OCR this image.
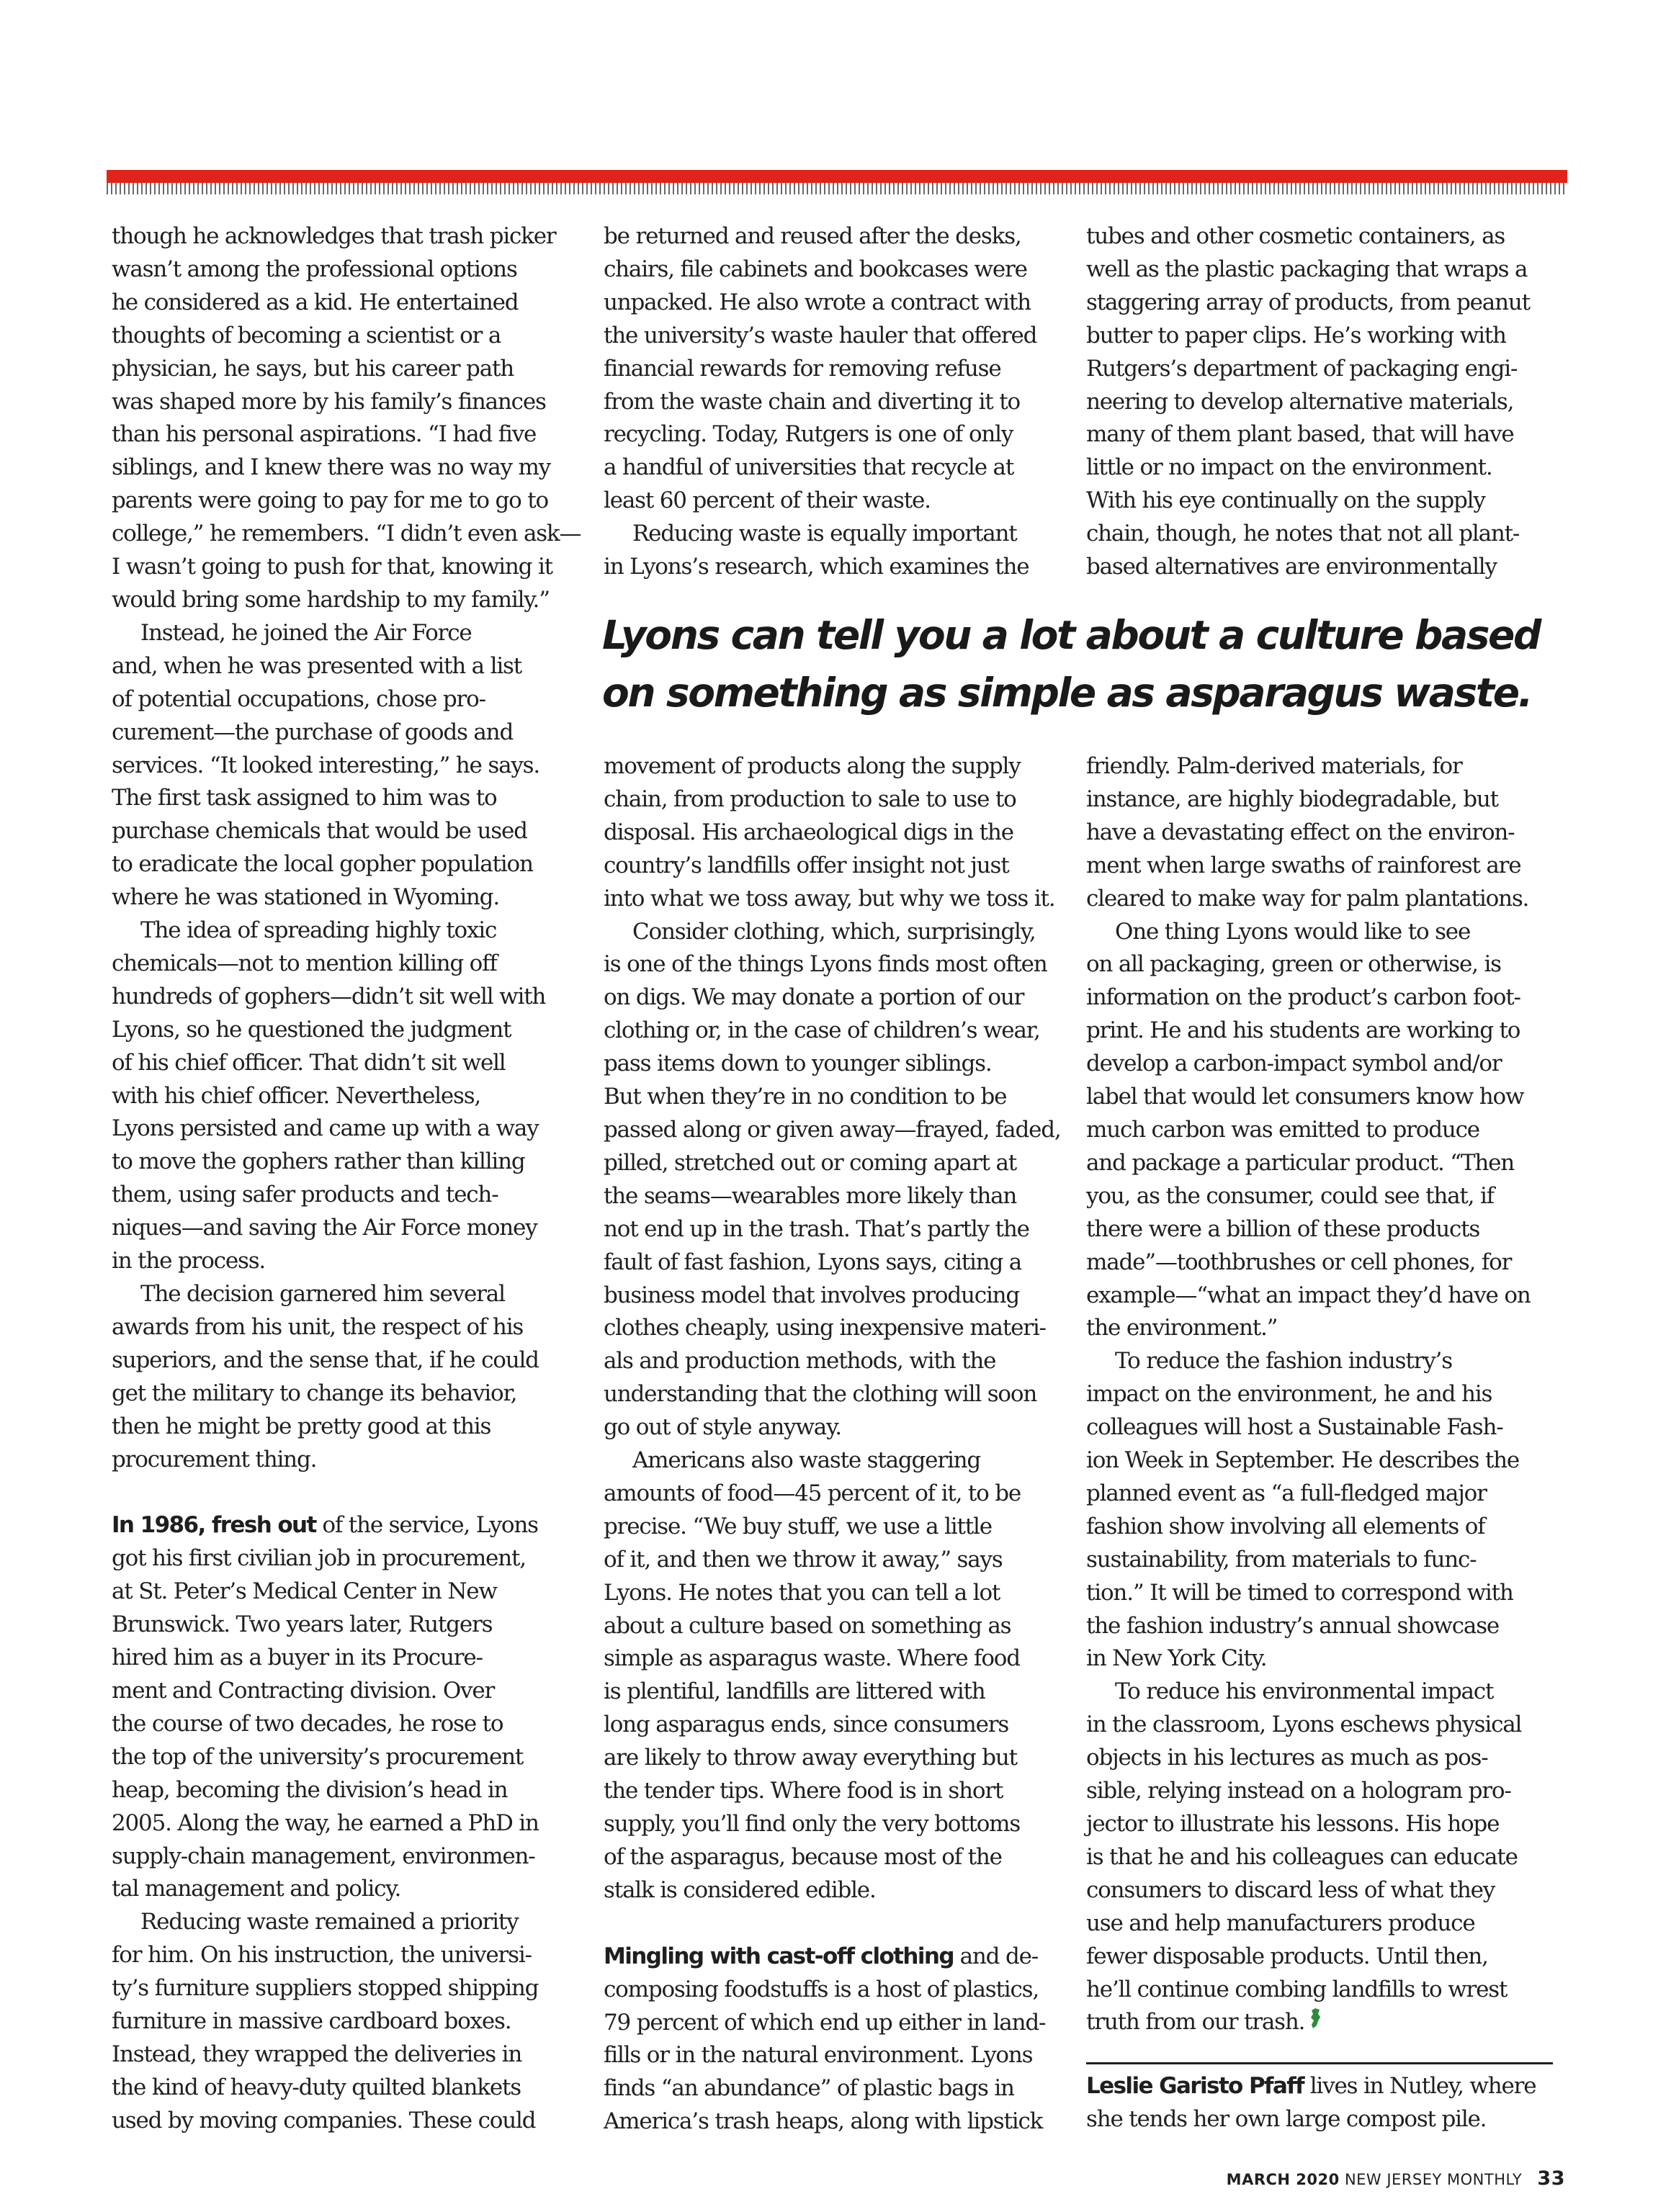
though he acknowledges that trash picker

wasn’t among the professional options

he considered as a kid. He entertained

thoughts of becoming a scientist or a

physician, he says, but his career path

was shaped more by his family’s finances

than his personal aspirations. “I had five

siblings, and I knew there was no way my

parents were going to pay for me to go to

college,” he remembers. “I didn’t even ask—

I wasn’t going to push for that, knowing it

would bring some hardship to my family.”

Instead, he joined the Air Force

and, when he was presented with a list

of potential occupations, chose pro-

curement—the purchase of goods and

services. “It looked interesting,” he says.

The first task assigned to him was to

purchase chemicals that would be used

to eradicate the local gopher population

where he was stationed in Wyoming.

The idea of spreading highly toxic

chemicals—not to mention killing off

hundreds of gophers—didn’t sit well with

Lyons, so he questioned the judgment

of his chief officer. That didn’t sit well

with his chief officer. Nevertheless,

Lyons persisted and came up with a way

to move the gophers rather than killing

them, using safer products and tech-

niques—and saving the Air Force money

in the process.

The decision garnered him several

awards from his unit, the respect of his

superiors, and the sense that, if he could

get the military to change its behavior,

then he might be pretty good at this

procurement thing.

In 1986, fresh out of the service, Lyons

got his first civilian job in procurement,

at St. Peter’s Medical Center in New

Brunswick. Two years later, Rutgers

hired him as a buyer in its Procure-

ment and Contracting division. Over

the course of two decades, he rose to

the top of the university’s procurement

heap, becoming the division’s head in

2005. Along the way, he earned a PhD in

supply-chain management, environmen-

tal management and policy.

Reducing waste remained a priority

for him. On his instruction, the universi-

ty’s furniture suppliers stopped shipping

furniture in massive cardboard boxes.

Instead, they wrapped the deliveries in

the kind of heavy-duty quilted blankets

used by moving companies. These could

be returned and reused after the desks,

chairs, file cabinets and bookcases were

unpacked. He also wrote a contract with

the university’s waste hauler that offered

financial rewards for removing refuse

from the waste chain and diverting it to

recycling. Today, Rutgers is one of only

a handful of universities that recycle at

least 60 percent of their waste.

Reducing waste is equally important

in Lyons’s research, which examines the

tubes and other cosmetic containers, as

well as the plastic packaging that wraps a

staggering array of products, from peanut

butter to paper clips. He’s working with

Rutgers’s department of packaging engi-

neering to develop alternative materials,

many of them plant based, that will have

little or no impact on the environment.

With his eye continually on the supply

chain, though, he notes that not all plant-

based alternatives are environmentally

Lyons can tell you a lot about a culture based

on something as simple as asparagus waste.

movement of products along the supply

chain, from production to sale to use to

disposal. His archaeological digs in the

country’s landfills offer insight not just

into what we toss away, but why we toss it.

Consider clothing, which, surprisingly,

is one of the things Lyons finds most often

on digs. We may donate a portion of our

clothing or, in the case of children’s wear,

pass items down to younger siblings.

But when they’re in no condition to be

passed along or given away—frayed, faded,

pilled, stretched out or coming apart at

the seams—wearables more likely than

not end up in the trash. That’s partly the

fault of fast fashion, Lyons says, citing a

business model that involves producing

clothes cheaply, using inexpensive materi-

als and production methods, with the

understanding that the clothing will soon

go out of style anyway.

Americans also waste staggering

amounts of food—45 percent of it, to be

precise. “We buy stuff, we use a little

of it, and then we throw it away,” says

Lyons. He notes that you can tell a lot

about a culture based on something as

simple as asparagus waste. Where food

is plentiful, landfills are littered with

long asparagus ends, since consumers

are likely to throw away everything but

the tender tips. Where food is in short

supply, you’ll find only the very bottoms

of the asparagus, because most of the

stalk is considered edible.

Mingling with cast-off clothing and de-

composing foodstuffs is a host of plastics,

79 percent of which end up either in land-

fills or in the natural environment. Lyons

finds “an abundance” of plastic bags in

America’s trash heaps, along with lipstick

friendly. Palm-derived materials, for

instance, are highly biodegradable, but

have a devastating effect on the environ-

ment when large swaths of rainforest are

cleared to make way for palm plantations.

One thing Lyons would like to see

on all packaging, green or otherwise, is

information on the product’s carbon foot-

print. He and his students are working to

develop a carbon-impact symbol and/or

label that would let consumers know how

much carbon was emitted to produce

and package a particular product. “Then

you, as the consumer, could see that, if

there were a billion of these products

made”—toothbrushes or cell phones, for

example—“what an impact they’d have on

the environment.”

To reduce the fashion industry’s

impact on the environment, he and his

colleagues will host a Sustainable Fash-

ion Week in September. He describes the

planned event as “a full-fledged major

fashion show involving all elements of

sustainability, from materials to func-

tion.” It will be timed to correspond with

the fashion industry’s annual showcase

in New York City.

To reduce his environmental impact

in the classroom, Lyons eschews physical

objects in his lectures as much as pos-

sible, relying instead on a hologram pro-

jector to illustrate his lessons. His hope

is that he and his colleagues can educate

consumers to discard less of what they

use and help manufacturers produce

fewer disposable products. Until then,

he’ll continue combing landfills to wrest

truth from our trash.

Leslie Garisto Pfaff lives in Nutley, where

she tends her own large compost pile.

MARCH 2020 NEW JERSEY MONTHLY 33
